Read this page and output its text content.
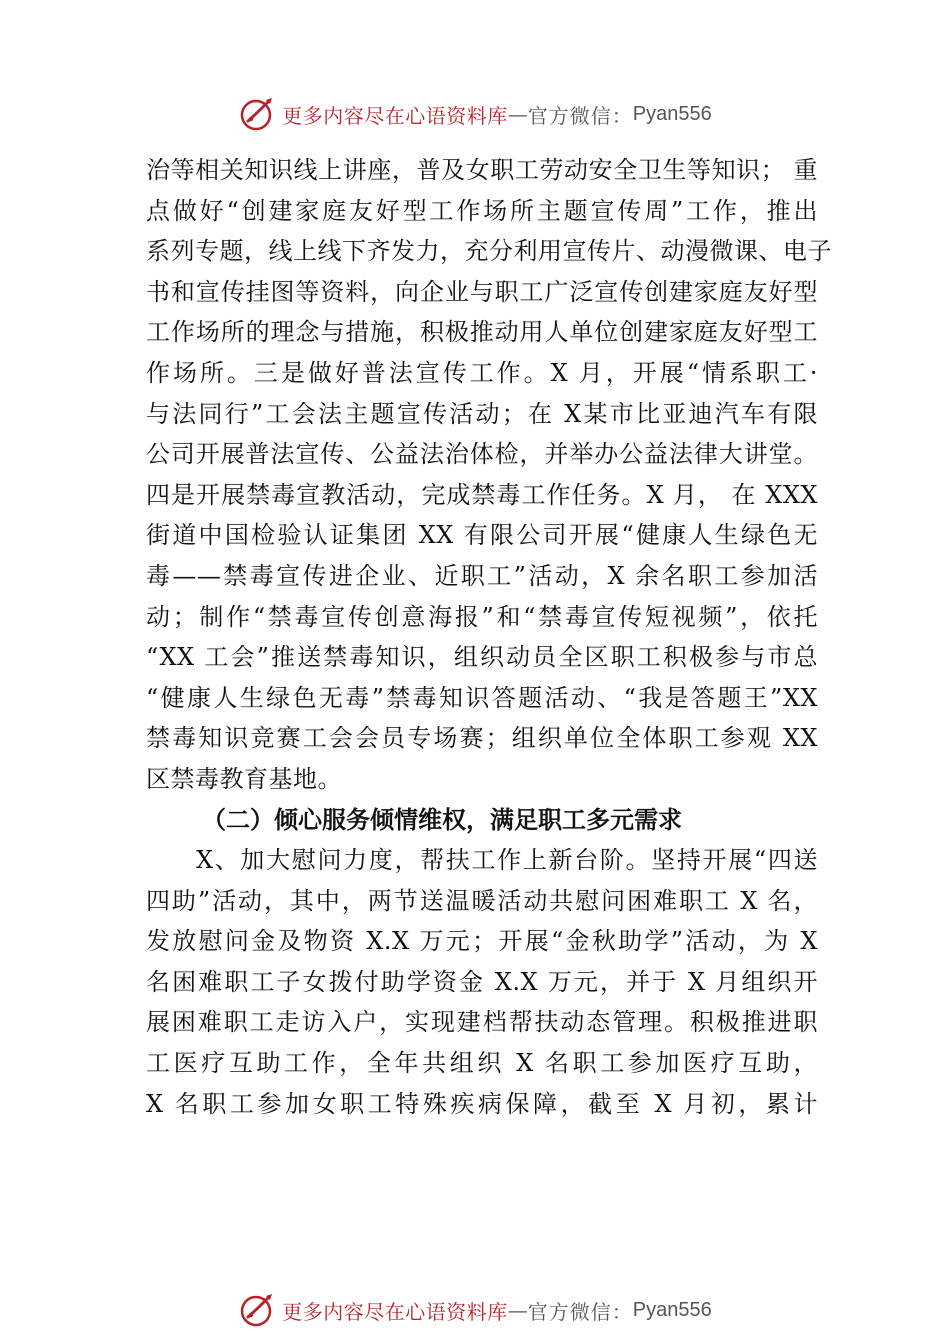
更多内容尽在心语资料库 — 官方微信： Pyan556
治等相关知识线上讲座，普及女职工劳动安全卫生等知识； 重
点做好“创建家庭友好型工作场所主题宣传周”工作，推出
系列专题，线上线下齐发力，充分利用宣传片、动漫微课、电子
书和宣传挂图等资料，向企业与职工广泛宣传创建家庭友好型
工作场所的理念与措施，积极推动用人单位创建家庭友好型工
作场所。三是做好普法宣传工作。X 月，开展“情系职工·
与法同行”工会法主题宣传活动；在 X某市比亚迪汽车有限
公司开展普法宣传、公益法治体检，并举办公益法律大讲堂。
四是开展禁毒宣教活动，完成禁毒工作任务。X 月， 在 XXX
街道中国检验认证集团 XX 有限公司开展“健康人生绿色无
毒——禁毒宣传进企业、近职工”活动，X 余名职工参加活
动；制作“禁毒宣传创意海报”和“禁毒宣传短视频”，依托
“XX 工会”推送禁毒知识，组织动员全区职工积极参与市总
“健康人生绿色无毒”禁毒知识答题活动、“我是答题王”XX
禁毒知识竞赛工会会员专场赛；组织单位全体职工参观 XX
区禁毒教育基地。
（二）倾心服务倾情维权，满足职工多元需求
X、加大慰问力度，帮扶工作上新台阶。坚持开展“四送
四助”活动，其中，两节送温暖活动共慰问困难职工 X 名，
发放慰问金及物资 X.X 万元；开展“金秋助学”活动，为 X
名困难职工子女拨付助学资金 X.X 万元，并于 X 月组织开
展困难职工走访入户，实现建档帮扶动态管理。积极推进职
工医疗互助工作，全年共组织 X 名职工参加医疗互助，
X 名职工参加女职工特殊疾病保障，截至 X 月初，累计
更多内容尽在心语资料库 — 官方微信： Pyan556
